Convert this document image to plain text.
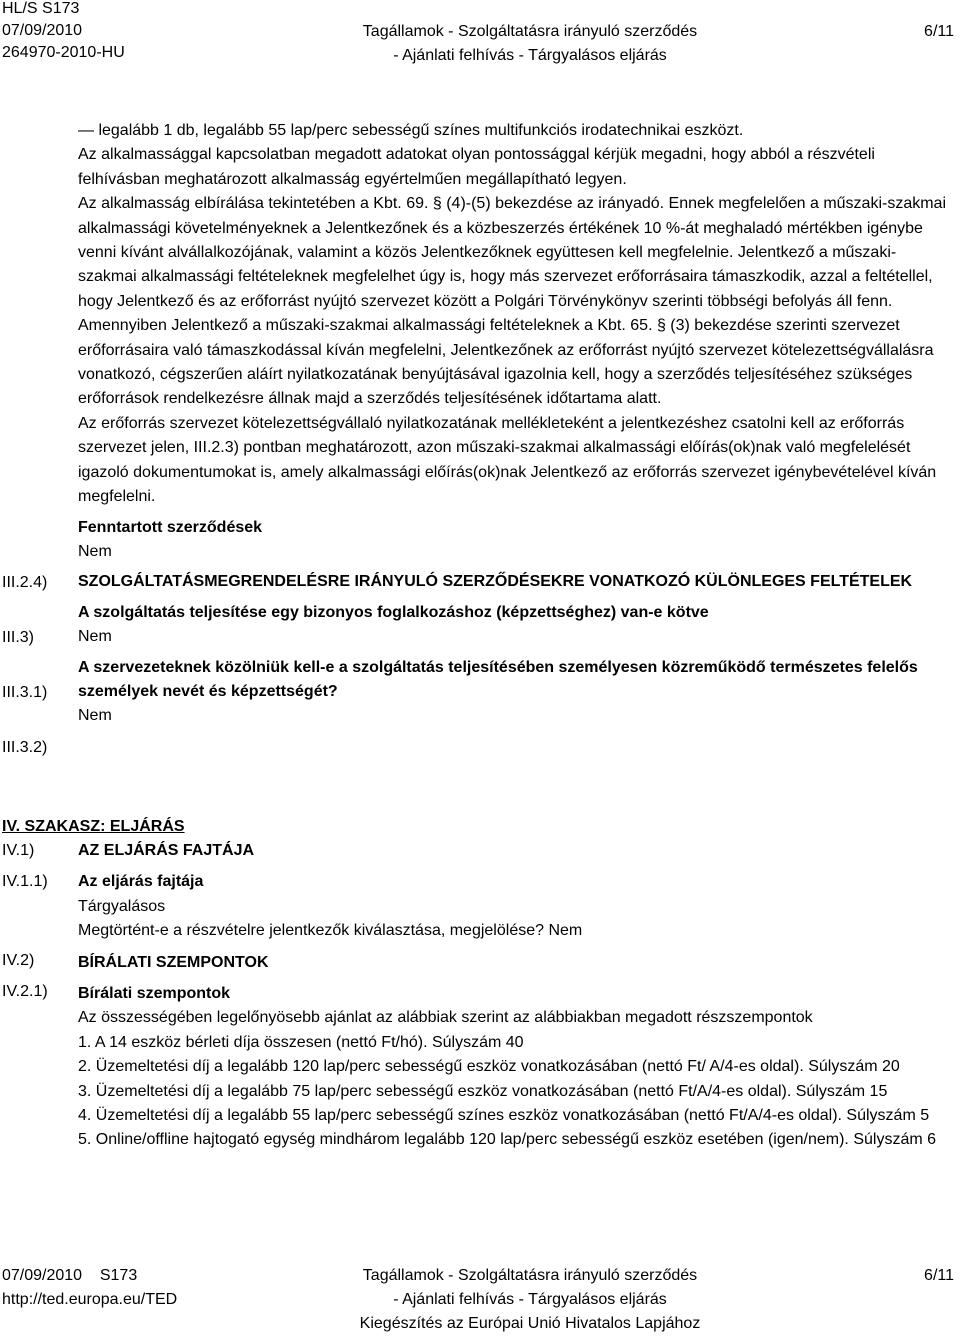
HL/S S173
07/09/2010
264970-2010-HU
Tagállamok - Szolgáltatásra irányuló szerződés
- Ajánlati felhívás - Tárgyalásos eljárás
6/11
III.2.4)
III.3)
III.3.1)
III.3.2)
IV.1)
IV.1.1)
IV.2)
IV.2.1)

— legalább 1 db, legalább 55 lap/perc sebességű színes multifunkciós irodatechnikai eszközt.

Az alkalmassággal kapcsolatban megadott adatokat olyan pontossággal kérjük megadni, hogy abból a részvételi felhívásban meghatározott alkalmasság egyértelműen megállapítható legyen.

Az alkalmasság elbírálása tekintetében a Kbt. 69. § (4)-(5) bekezdése az irányadó. Ennek megfelelően a műszaki-szakmai alkalmassági követelményeknek a Jelentkezőnek és a közbeszerzés értékének 10 %-át meghaladó mértékben igénybe venni kívánt alvállalkozójának, valamint a közös Jelentkezőknek együttesen kell megfelelnie. Jelentkező a műszaki-szakmai alkalmassági feltételeknek megfelelhet úgy is, hogy más szervezet erőforrásaira támaszkodik, azzal a feltétellel, hogy Jelentkező és az erőforrást nyújtó szervezet között a Polgári Törvénykönyv szerinti többségi befolyás áll fenn.

Amennyiben Jelentkező a műszaki-szakmai alkalmassági feltételeknek a Kbt. 65. § (3) bekezdése szerinti szervezet erőforrásaira való támaszkodással kíván megfelelni, Jelentkezőnek az erőforrást nyújtó szervezet kötelezettségvállalásra vonatkozó, cégszerűen aláírt nyilatkozatának benyújtásával igazolnia kell, hogy a szerződés teljesítéséhez szükséges erőforrások rendelkezésre állnak majd a szerződés teljesítésének időtartama alatt.

Az erőforrás szervezet kötelezettségvállaló nyilatkozatának mellékleteként a jelentkezéshez csatolni kell az erőforrás szervezet jelen, III.2.3) pontban meghatározott, azon műszaki-szakmai alkalmassági előírás(ok)nak való megfelelését igazoló dokumentumokat is, amely alkalmassági előírás(ok)nak Jelentkező az erőforrás szervezet igénybevételével kíván megfelelni.

Fenntartott szerződések

Nem

SZOLGÁLTATÁSMEGRENDELÉSRE IRÁNYULÓ SZERZŐDÉSEKRE VONATKOZÓ KÜLÖNLEGES FELTÉTELEK

A szolgáltatás teljesítése egy bizonyos foglalkozáshoz (képzettséghez) van-e kötve

Nem

A szervezeteknek közölniük kell-e a szolgáltatás teljesítésében személyesen közreműködő természetes felelős személyek nevét és képzettségét?

Nem

IV. SZAKASZ: ELJÁRÁS

AZ ELJÁRÁS FAJTÁJA

Az eljárás fajtája

Tárgyalásos

Megtörtént-e a részvételre jelentkezők kiválasztása, megjelölése? Nem

BÍRÁLATI SZEMPONTOK

Bírálati szempontok

Az összességében legelőnyösebb ajánlat az alábbiak szerint az alábbiakban megadott részszempontok

1. A 14 eszköz bérleti díja összesen (nettó Ft/hó). Súlyszám 40

2. Üzemeltetési díj a legalább 120 lap/perc sebességű eszköz vonatkozásában (nettó Ft/ A/4-es oldal). Súlyszám 20

3. Üzemeltetési díj a legalább 75 lap/perc sebességű eszköz vonatkozásában (nettó Ft/A/4-es oldal). Súlyszám 15

4. Üzemeltetési díj a legalább 55 lap/perc sebességű színes eszköz vonatkozásában (nettó Ft/A/4-es oldal). Súlyszám 5

5. Online/offline hajtogató egység mindhárom legalább 120 lap/perc sebességű eszköz esetében (igen/nem). Súlyszám 6

07/09/2010 S173
http://ted.europa.eu/TED
Tagállamok - Szolgáltatásra irányuló szerződés
- Ajánlati felhívás - Tárgyalásos eljárás
Kiegészítés az Európai Unió Hivatalos Lapjához
6/11
